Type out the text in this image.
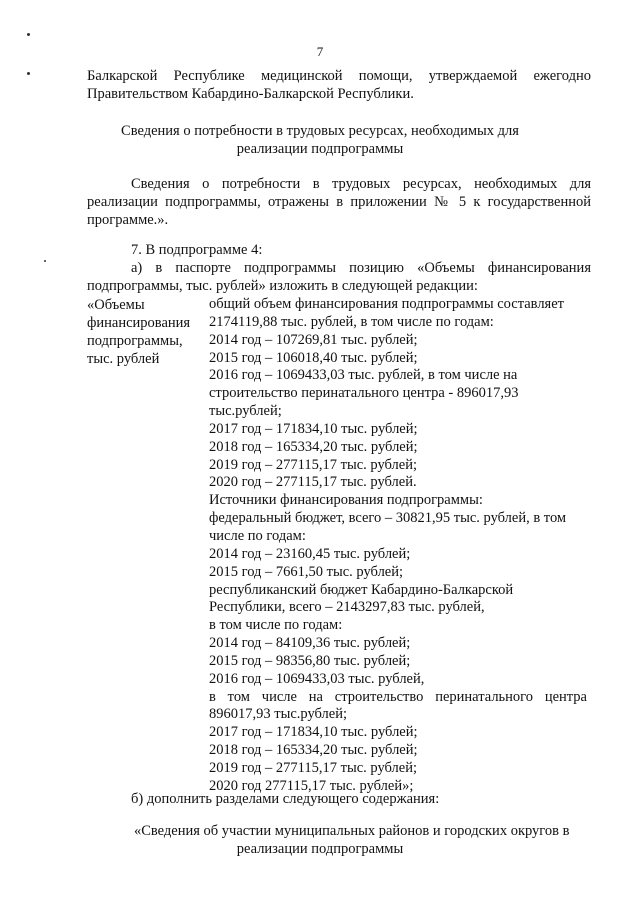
7
Балкарской Республике медицинской помощи, утверждаемой ежегодно
Правительством Кабардино-Балкарской Республики.
Сведения о потребности в трудовых ресурсах, необходимых для
реализации подпрограммы
Сведения о потребности в трудовых ресурсах, необходимых для
реализации подпрограммы, отражены в приложении № 5 к государственной
программе.».
7. В подпрограмме 4:
а) в паспорте подпрограммы позицию «Объемы финансирования
подпрограммы, тыс. рублей» изложить в следующей редакции:
«Объемы
финансирования
подпрограммы,
тыс. рублей
общий объем финансирования подпрограммы составляет
2174119,88 тыс. рублей, в том числе по годам:
2014 год – 107269,81 тыс. рублей;
2015 год – 106018,40 тыс. рублей;
2016 год – 1069433,03 тыс. рублей, в том числе на
строительство перинатального центра - 896017,93
тыс.рублей;
2017 год – 171834,10 тыс. рублей;
2018 год – 165334,20 тыс. рублей;
2019 год – 277115,17 тыс. рублей;
2020 год – 277115,17 тыс. рублей.
Источники финансирования подпрограммы:
федеральный бюджет, всего – 30821,95 тыс. рублей, в том
числе по годам:
2014 год – 23160,45 тыс. рублей;
2015 год – 7661,50 тыс. рублей;
республиканский бюджет Кабардино-Балкарской
Республики, всего – 2143297,83 тыс. рублей,
в том числе по годам:
2014 год – 84109,36 тыс. рублей;
2015 год – 98356,80 тыс. рублей;
2016 год – 1069433,03 тыс. рублей,
в том числе на строительство перинатального центра
896017,93 тыс.рублей;
2017 год – 171834,10 тыс. рублей;
2018 год – 165334,20 тыс. рублей;
2019 год – 277115,17 тыс. рублей;
2020 год 277115,17 тыс. рублей»;
б) дополнить разделами следующего содержания:
«Сведения об участии муниципальных районов и городских округов в
реализации подпрограммы
